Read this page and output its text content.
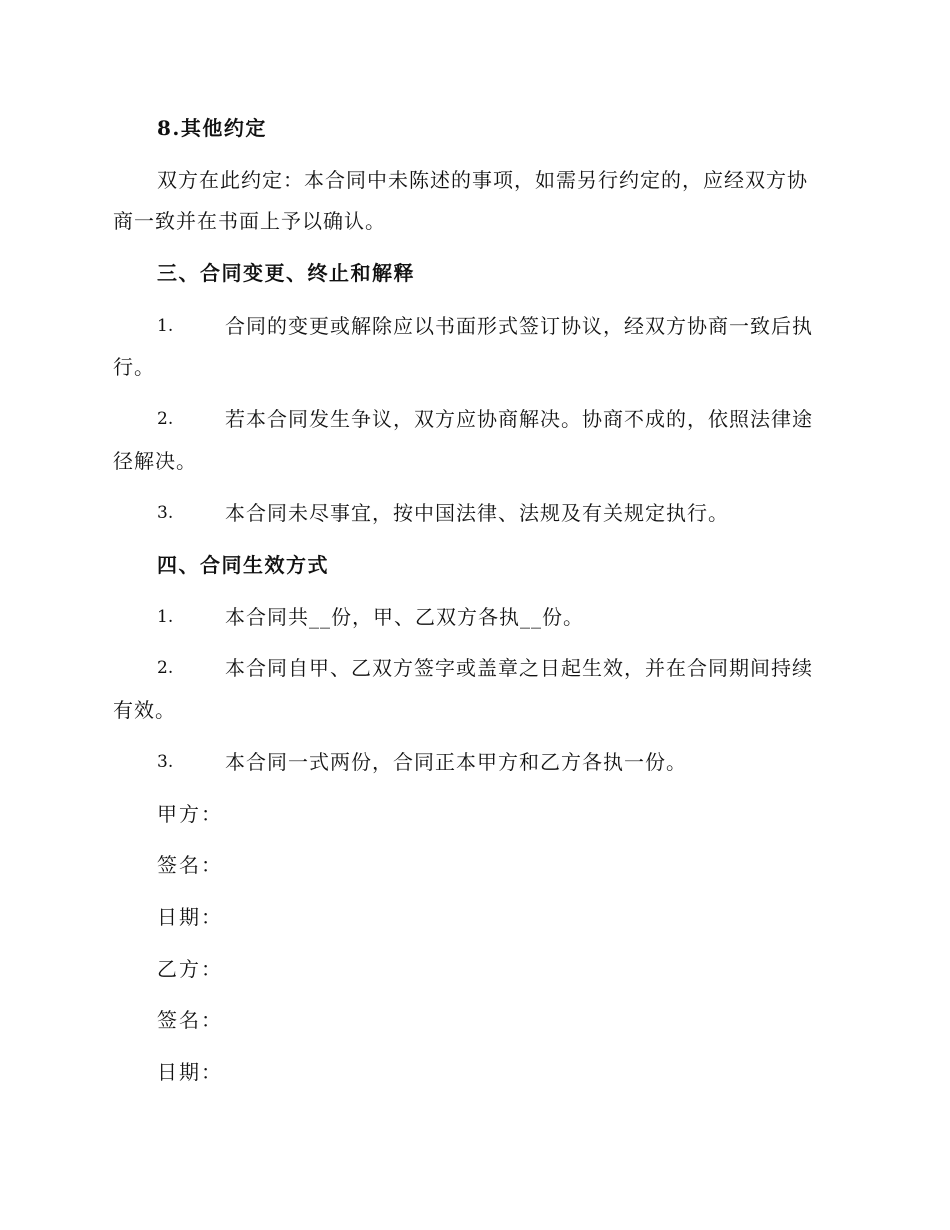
8.其他约定
双方在此约定：本合同中未陈述的事项，如需另行约定的，应经双方协
商一致并在书面上予以确认。
三、合同变更、终止和解释
1.	合同的变更或解除应以书面形式签订协议，经双方协商一致后执
行。
2.	若本合同发生争议，双方应协商解决。协商不成的，依照法律途
径解决。
3.	本合同未尽事宜，按中国法律、法规及有关规定执行。
四、合同生效方式
1.	本合同共__份，甲、乙双方各执__份。
2.	本合同自甲、乙双方签字或盖章之日起生效，并在合同期间持续
有效。
3.	本合同一式两份，合同正本甲方和乙方各执一份。
甲方：
签名：
日期：
乙方：
签名：
日期：
